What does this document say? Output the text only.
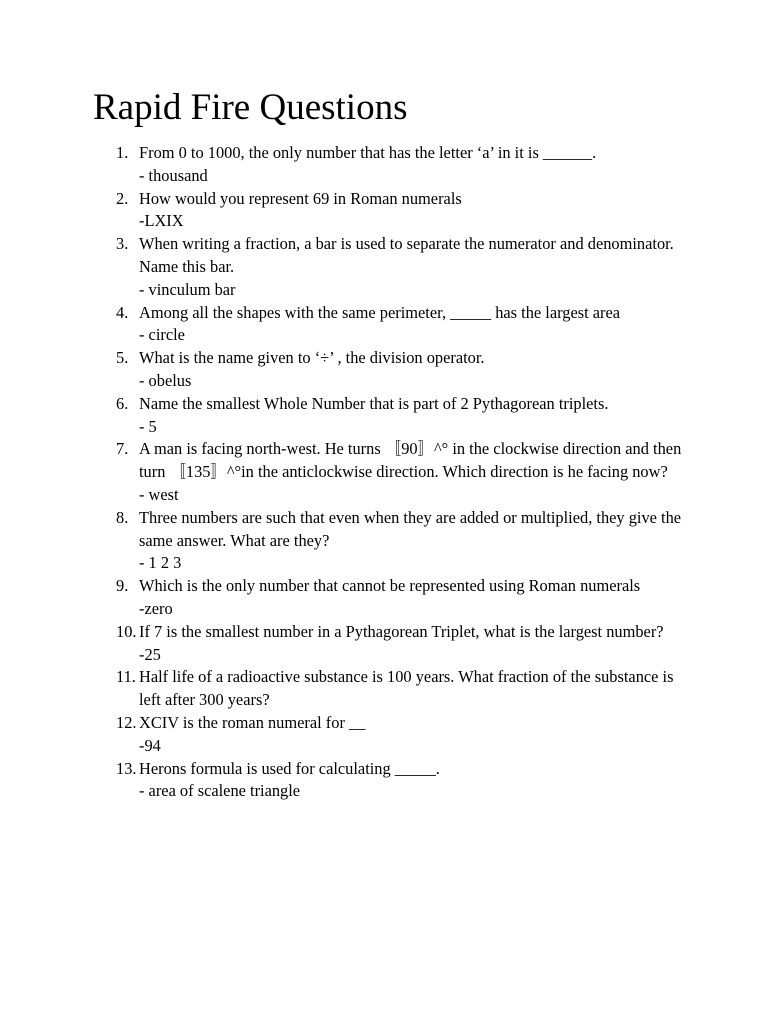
Rapid Fire Questions
1. From 0 to 1000, the only number that has the letter ‘a’ in it is ______.
- thousand
2. How would you represent 69 in Roman numerals
-LXIX
3. When writing a fraction, a bar is used to separate the numerator and denominator. Name this bar.
- vinculum bar
4. Among all the shapes with the same perimeter, _____ has the largest area
- circle
5. What is the name given to ‘÷’ , the division operator.
- obelus
6. Name the smallest Whole Number that is part of 2 Pythagorean triplets.
- 5
7. A man is facing north-west. He turns 〚90〛^° in the clockwise direction and then turn 〚135〛^°in the anticlockwise direction. Which direction is he facing now?
- west
8. Three numbers are such that even when they are added or multiplied, they give the same answer. What are they?
- 1 2 3
9. Which is the only number that cannot be represented using Roman numerals
-zero
10. If 7 is the smallest number in a Pythagorean Triplet, what is the largest number?
-25
11. Half life of a radioactive substance is 100 years. What fraction of the substance is left after 300 years?
12. XCIV is the roman numeral for __
-94
13. Herons formula is used for calculating _____.
- area of scalene triangle
